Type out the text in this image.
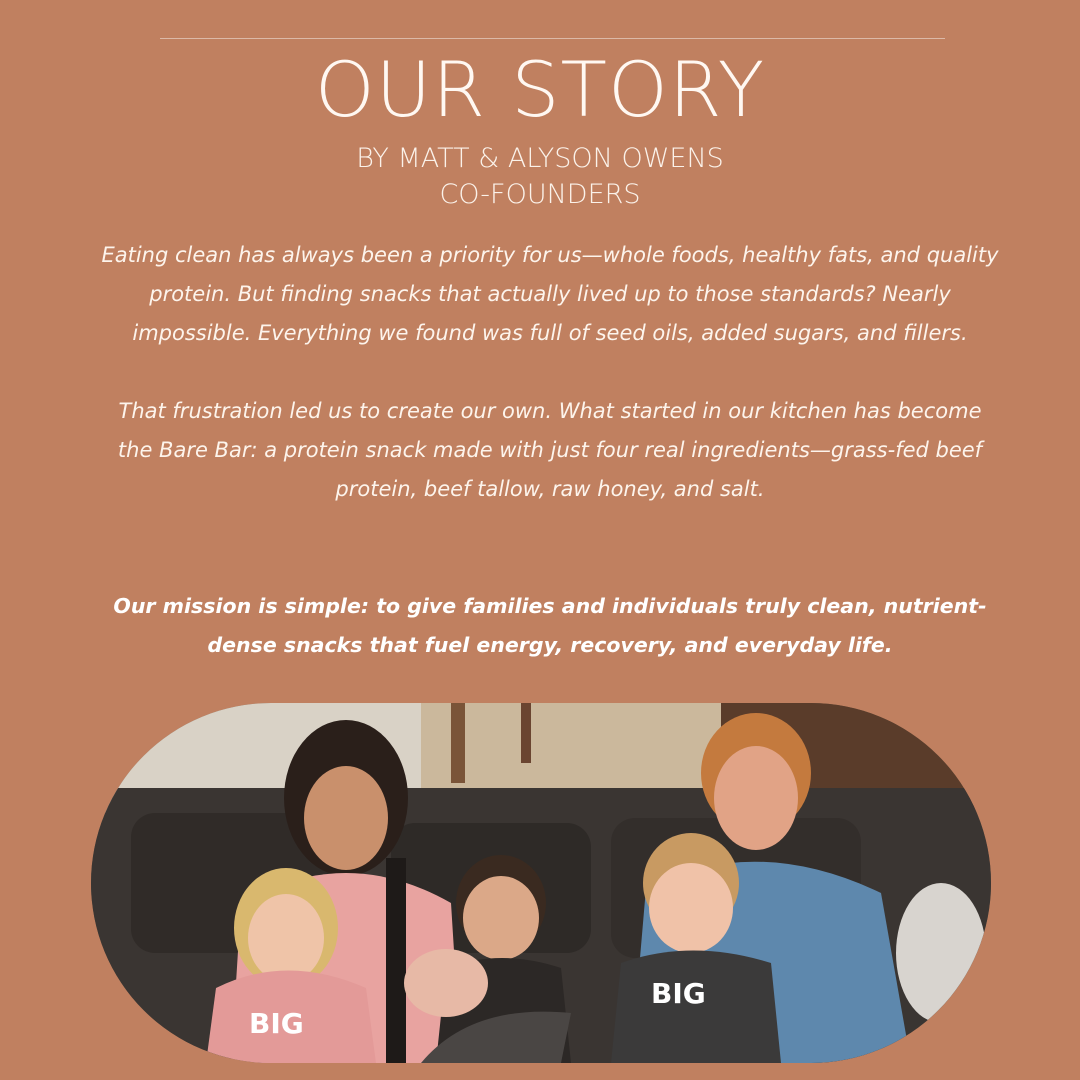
OUR STORY
BY MATT & ALYSON OWENS
CO-FOUNDERS

Eating clean has always been a priority for us—whole foods, healthy fats, and quality protein. But finding snacks that actually lived up to those standards? Nearly impossible. Everything we found was full of seed oils, added sugars, and fillers.

That frustration led us to create our own. What started in our kitchen has become the Bare Bar: a protein snack made with just four real ingredients—grass-fed beef protein, beef tallow, raw honey, and salt.

Our mission is simple: to give families and individuals truly clean, nutrient-dense snacks that fuel energy, recovery, and everyday life.
BIG
BIG
